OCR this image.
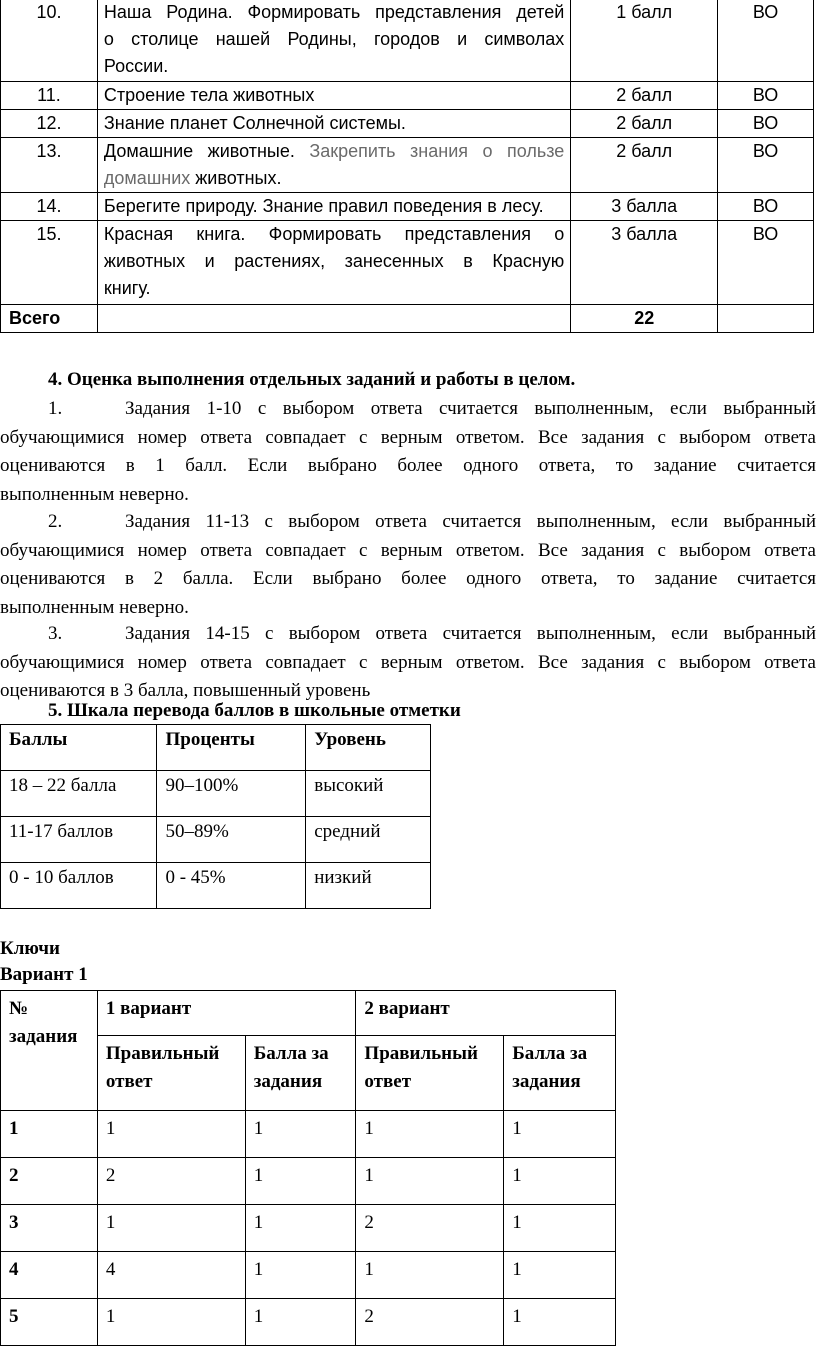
10.	Наша Родина. Формировать представления детей
о столице нашей Родины, городов и символах
России.	1 балл	ВО
11.	Строение тела животных	2 балл	ВО
12.	Знание планет Солнечной системы.	2 балл	ВО
13.	Домашние животные. Закрепить знания о пользе
домашних животных.	2 балл	ВО
14.	Берегите природу. Знание правил поведения в лесу.	3 балла	ВО
15.	Красная книга. Формировать представления о
животных и растениях, занесенных в Красную
книгу.	3 балла	ВО
Всего		22	
4. Оценка выполнения отдельных заданий и работы в целом.
1.	Задания 1-10 с выбором ответа считается выполненным, если выбранный
обучающимися номер ответа совпадает с верным ответом. Все задания с выбором ответа
оцениваются в 1 балл. Если выбрано более одного ответа, то задание считается
выполненным неверно.
2.	Задания 11-13 с выбором ответа считается выполненным, если выбранный
обучающимися номер ответа совпадает с верным ответом. Все задания с выбором ответа
оцениваются в 2 балла. Если выбрано более одного ответа, то задание считается
выполненным неверно.
3.	Задания 14-15 с выбором ответа считается выполненным, если выбранный
обучающимися номер ответа совпадает с верным ответом. Все задания с выбором ответа
оцениваются в 3 балла, повышенный уровень
5. Шкала перевода баллов в школьные отметки
Баллы	Проценты	Уровень
18 – 22 балла	90–100%	высокий
11-17 баллов	50–89%	средний
0 - 10 баллов	0 - 45%	низкий
Ключи
Вариант 1
№ задания	1 вариант		2 вариант	
	Правильный ответ	Балла за задания	Правильный ответ	Балла за задания
1	1	1	1	1
2	2	1	1	1
3	1	1	2	1
4	4	1	1	1
5	1	1	2	1
